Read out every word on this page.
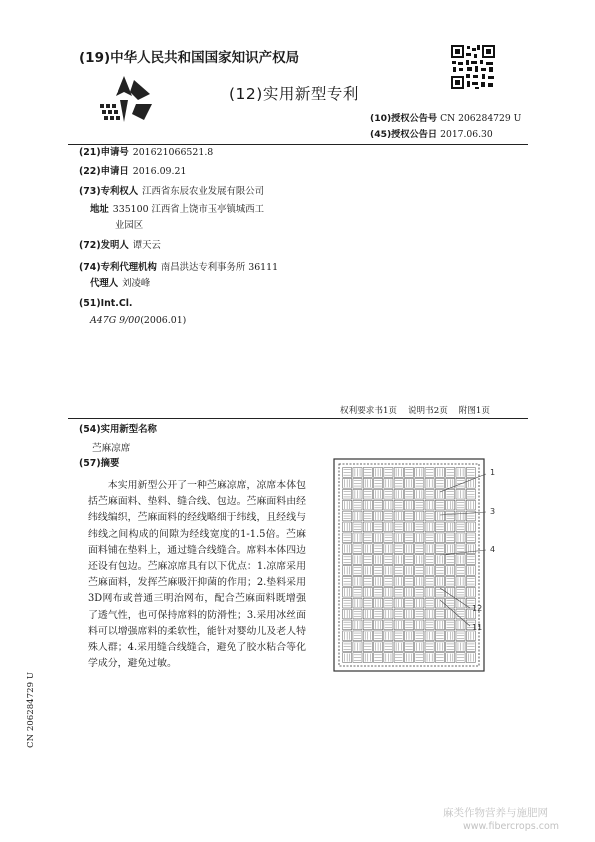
(19)中华人民共和国国家知识产权局
(12)实用新型专利
(10)授权公告号 CN 206284729 U
(45)授权公告日 2017.06.30
(21)申请号 201621066521.8
(22)申请日 2016.09.21
(73)专利权人 江西省东辰农业发展有限公司
地址 335100 江西省上饶市玉亭镇城西工
业园区
(72)发明人 谭天云
(74)专利代理机构 南昌洪达专利事务所 36111
代理人 刘凌峰
(51)Int.Cl.
A47G 9/00(2006.01)
权利要求书1页    说明书2页    附图1页
(54)实用新型名称
苎麻凉席
(57)摘要

本实用新型公开了一种苎麻凉席，凉席本体包括苎麻面料、垫料、缝合线、包边。苎麻面料由经纬线编织，苎麻面料的经线略细于纬线，且经线与纬线之间构成的间隙为经线宽度的1-1.5倍。苎麻面料铺在垫料上，通过缝合线缝合。席料本体四边还设有包边。苎麻凉席具有以下优点：1.凉席采用苎麻面料，发挥苎麻吸汗抑菌的作用；2.垫料采用3D网布或普通三明治网布，配合苎麻面料既增强了透气性，也可保持席料的防滑性；3.采用冰丝面料可以增强席料的柔软性，能针对婴幼儿及老人特殊人群；4.采用缝合线缝合，避免了胶水粘合等化学成分，避免过敏。

1
3
4
12
11
CN 206284729 U
麻类作物营养与施肥网
www.fibercrops.com
